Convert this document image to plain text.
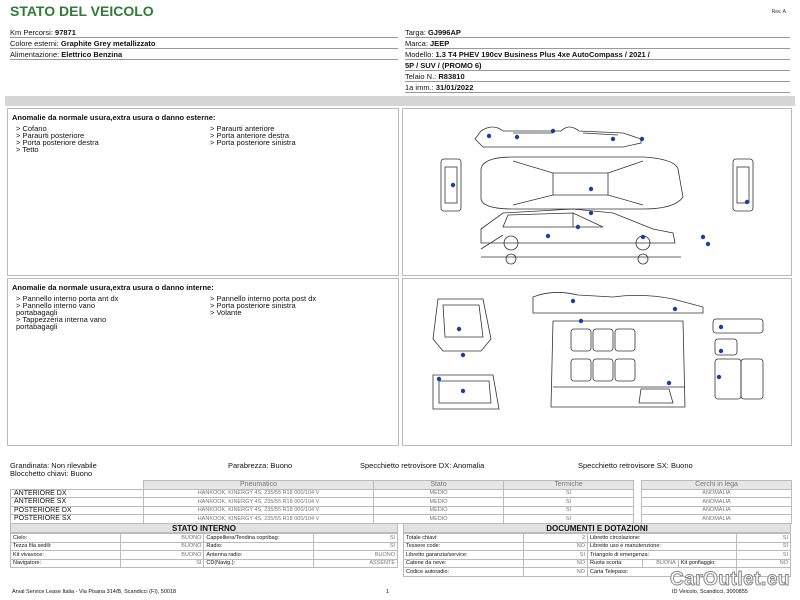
STATO DEL VEICOLO	Rev. A
Km Percorsi: 97871
Colore esterni: Graphite Grey metallizzato
Alimentazione: Elettrico Benzina
Targa: GJ996AP
Marca: JEEP
Modello: 1.3 T4 PHEV 190cv Business Plus 4xe AutoCompass / 2021 /
5P / SUV / (PROMO 6)
Telaio N.: R83810
1a imm.: 31/01/2022
Anomalie da normale usura,extra usura o danno esterne:
> Cofano
> Paraurti posteriore
> Porta posteriore destra
> Tetto
> Paraurti anteriore
> Porta anteriore destra
> Porta posteriore sinistra
Anomalie da normale usura,extra usura o danno interne:
> Pannello interno porta ant dx
> Pannello interno vano
portabagagli
> Tappezzeria interna vano
portabagagli
> Pannello interno porta post dx
> Porta posteriore sinistra
> Volante
Grandinata: Non rilevabile	Parabrezza: Buono	Specchietto retrovisore DX: Anomalia	Specchietto retrovisore SX: Buono
Blocchetto chiavi: Buono
	Pneumatico	Stato	Termiche		Cerchi in lega
ANTERIORE DX	HANKOOK, KINERGY 4S, 235/55 R18 000/104 V	MEDIO	SI		ANOMALIA
ANTERIORE SX	HANKOOK, KINERGY 4S, 235/55 R18 000/104 V	MEDIO	SI		ANOMALIA
POSTERIORE DX	HANKOOK, KINERGY 4S, 235/55 R18 000/104 V	MEDIO	SI		ANOMALIA
POSTERIORE SX	HANKOOK, KINERGY 4S, 235/55 R18 000/104 V	MEDIO	SI		ANOMALIA
STATO INTERNO
Cielo:	BUONO	Cappelliera/Tendina copribag:	SI
Tezza fila sedili:	BUONO	Radio:	SI
Kit vivavoce:	BUONO	Antenna radio:	BUONO
Navigatore:	SI	CD(Navig.):	ASSENTE
DOCUMENTI E DOTAZIONI
Totale chiavi:	2	Libretto circolazione:			SI
Tessere code:	NO	Libretto uso e manutenzione:			SI
Libretto garanzia/service:	SI	Triangolo di emergenza:			SI
Catene da neve:	NO	Ruota scorta:	BUONA	Kit gonfiaggio:	NO
Codice autoradio:	NO	Carta Telepass:			
Arval Service Lease Italia - Via Pisana 314/B, Scandicci (FI), 50018	1	ID Veicolo, Scandicci, 3000855
CarOutlet.eu
